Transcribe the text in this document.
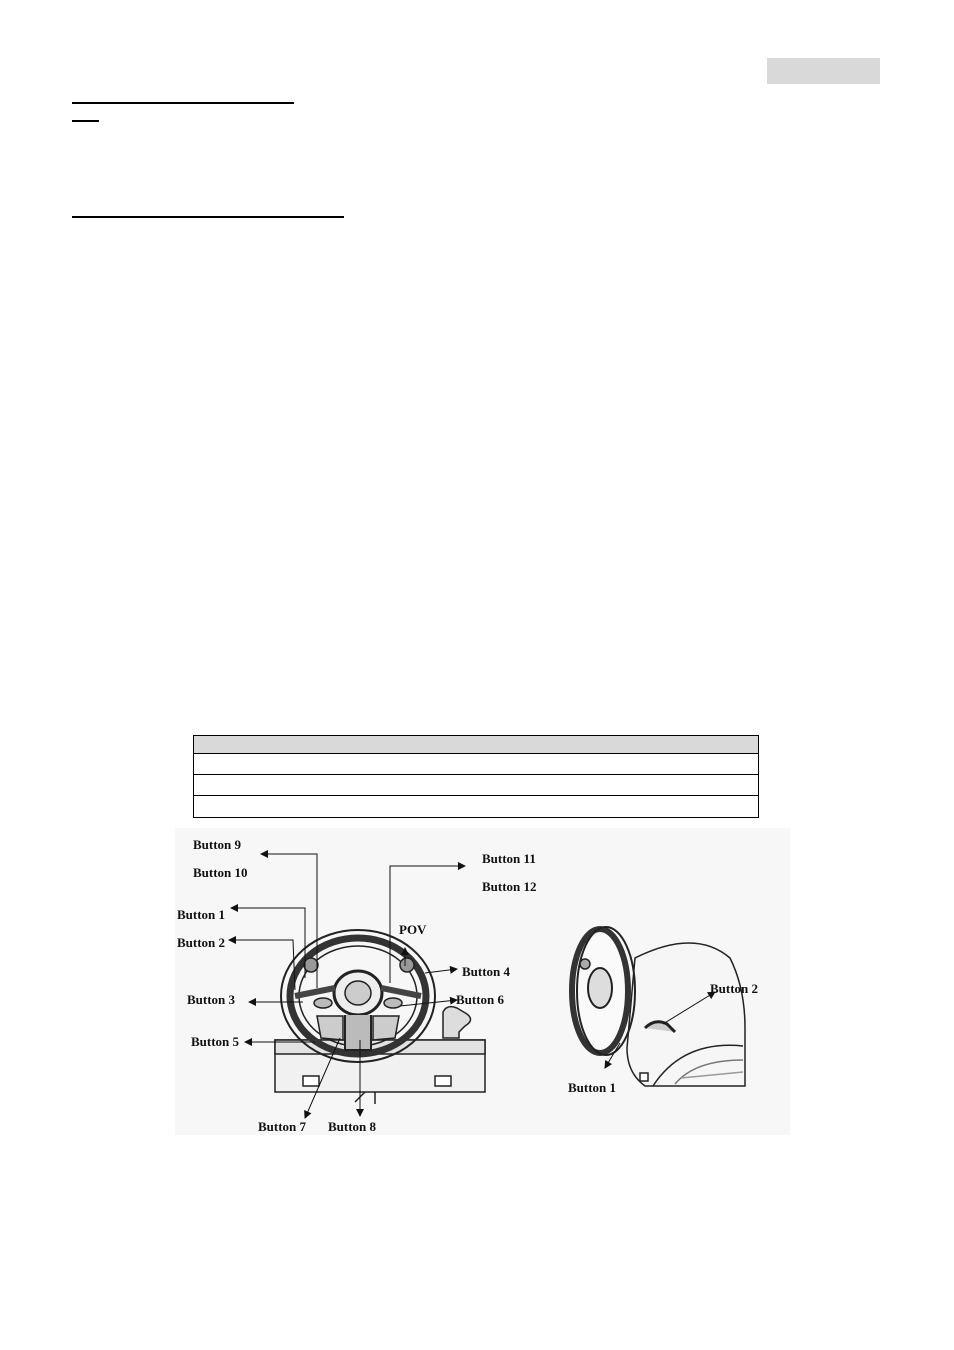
Button 9
Button 10
Button 1
Button 2
Button 3
Button 5
Button 7 Button 8
Button 11
Button 12
POV
Button 4
Button 6
Button 2
Button 1
